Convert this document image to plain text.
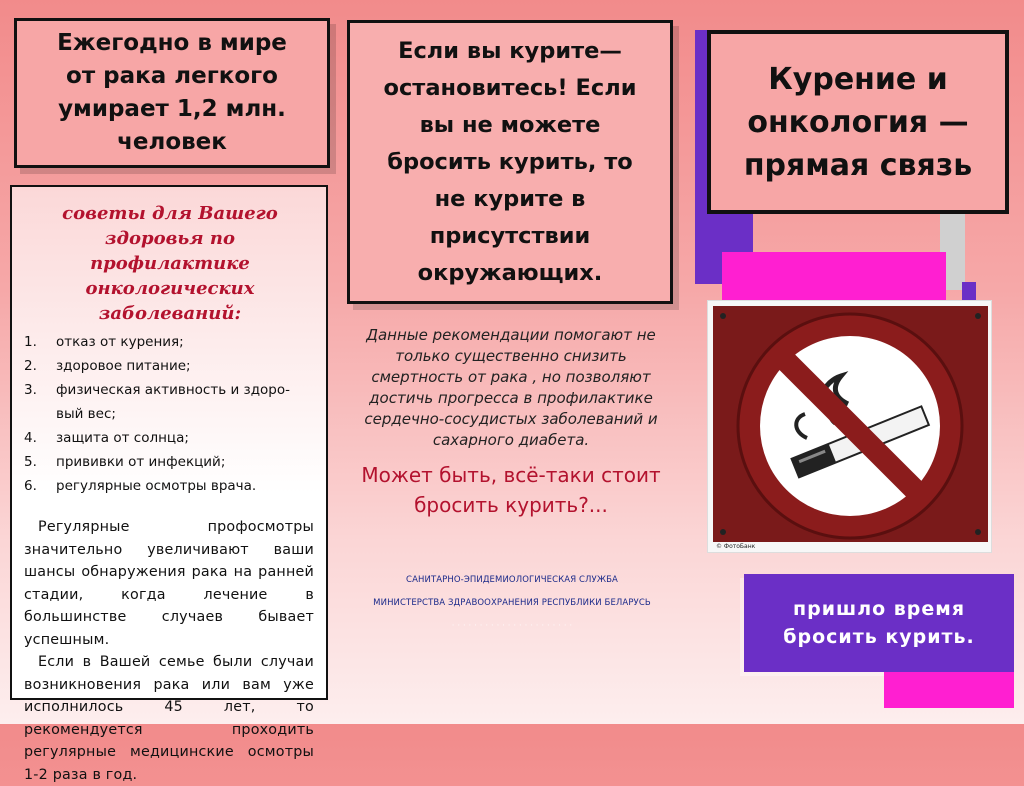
Ежегодно в мире от рака легкого умирает 1,2 млн. человек
советы для Вашего здоровья по профилактике онкологических заболеваний:
1.	отказ от курения;
2.	здоровое питание;
3.	физическая активность и здоро-вый вес;
4.	защита от солнца;
5.	прививки от инфекций;
6.	регулярные осмотры врача.

Регулярные профосмотры значительно увеличивают ваши шансы обнаружения рака на ранней стадии, когда лечение в большинстве случаев бывает успешным.

Если в Вашей семье были случаи возникновения рака или вам уже исполнилось 45 лет, то рекомендуется проходить регулярные медицинские осмотры 1-2 раза в год.

Если вы курите— остановитесь! Если вы не можете бросить курить, то не курите в присутствии окружающих.
Данные рекомендации помогают не только существенно снизить смертность от рака , но позволяют достичь прогресса в профилактике сердечно-сосудистых заболеваний и сахарного диабета.
Может быть, всё-таки стоит бросить курить?...
САНИТАРНО-ЭПИДЕМИОЛОГИЧЕСКАЯ СЛУЖБА
МИНИСТЕРСТВА ЗДРАВООХРАНЕНИЯ РЕСПУБЛИКИ БЕЛАРУСЬ
· · · · · · · · · · · · · · · · · · · · · ·
Курение и онкология — прямая связь
© ФотоБанк
пришло время бросить курить.
